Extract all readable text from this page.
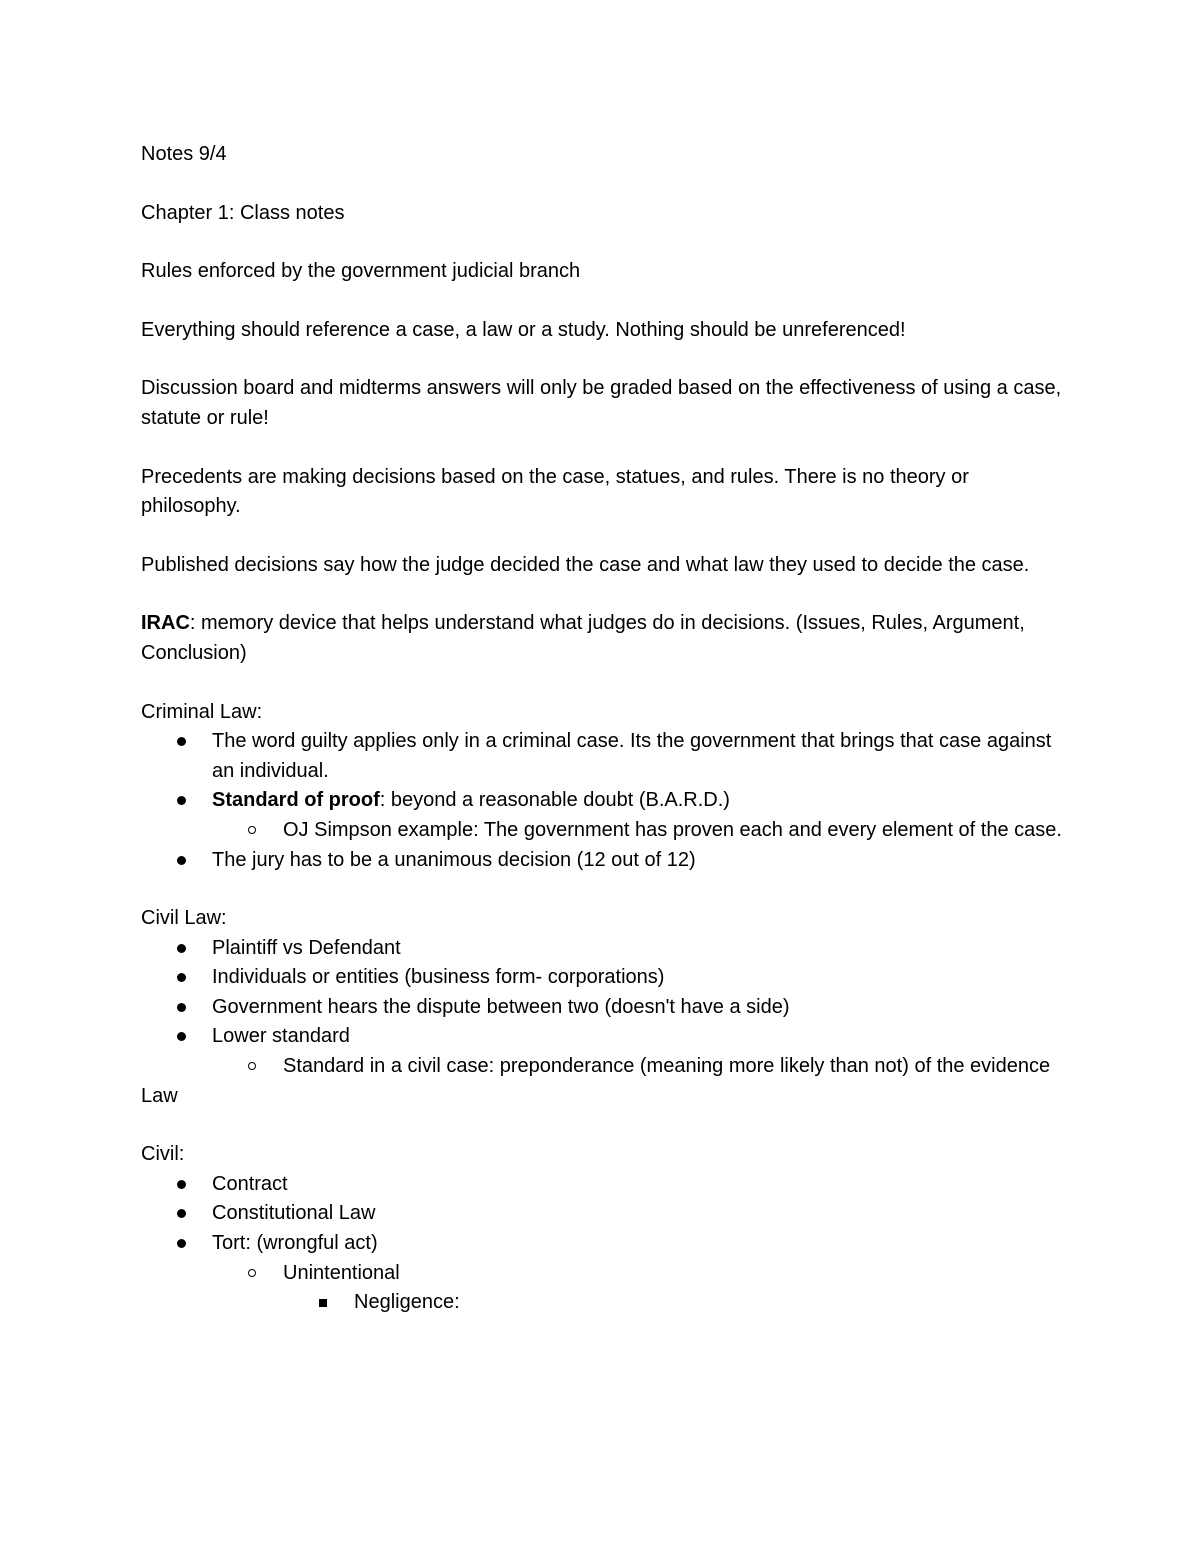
Notes 9/4

Chapter 1: Class notes

Rules enforced by the government judicial branch

Everything should reference a case, a law or a study. Nothing should be unreferenced!

Discussion board and midterms answers will only be graded based on the effectiveness of using a case, statute or rule!

Precedents are making decisions based on the case, statues, and rules. There is no theory or philosophy.

Published decisions say how the judge decided the case and what law they used to decide the case.

IRAC: memory device that helps understand what judges do in decisions. (Issues, Rules, Argument, Conclusion)

Criminal Law:

The word guilty applies only in a criminal case. Its the government that brings that case against an individual.
Standard of proof: beyond a reasonable doubt (B.A.R.D.)
OJ Simpson example: The government has proven each and every element of the case.
The jury has to be a unanimous decision (12 out of 12)

Civil Law:

Plaintiff vs Defendant
Individuals or entities (business form- corporations)
Government hears the dispute between two (doesn't have a side)
Lower standard
Standard in a civil case: preponderance (meaning more likely than not) of the evidence

Law

Civil:

Contract
Constitutional Law
Tort: (wrongful act)
Unintentional
Negligence:
